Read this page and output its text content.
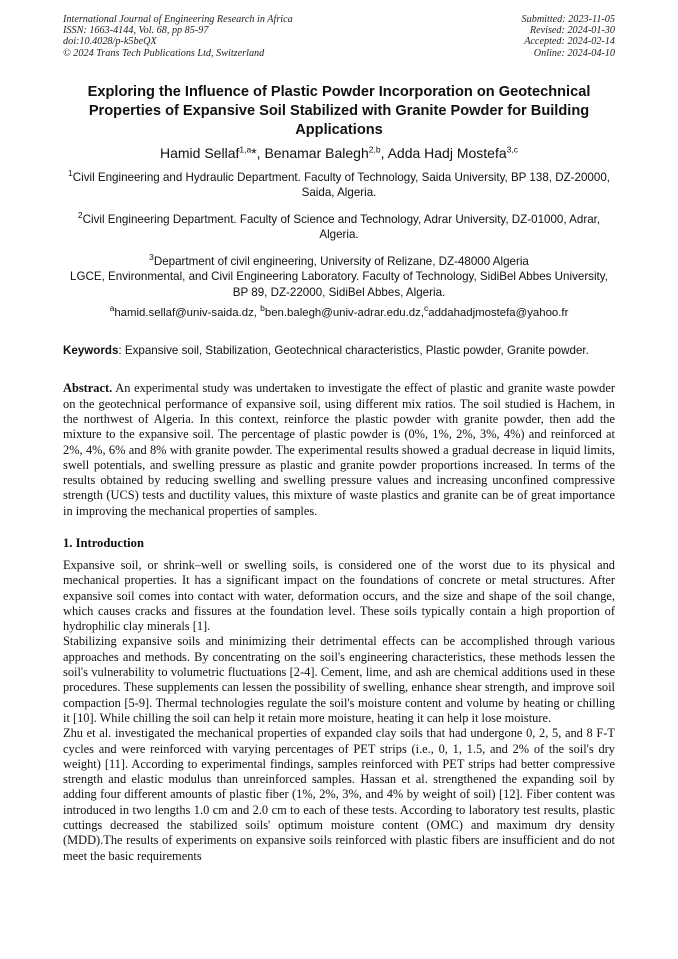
International Journal of Engineering Research in Africa
ISSN: 1663-4144, Vol. 68, pp 85-97
doi:10.4028/p-k5beQX
© 2024 Trans Tech Publications Ltd, Switzerland
Submitted: 2023-11-05
Revised: 2024-01-30
Accepted: 2024-02-14
Online: 2024-04-10
Exploring the Influence of Plastic Powder Incorporation on Geotechnical Properties of Expansive Soil Stabilized with Granite Powder for Building Applications
Hamid Sellaf$^{1,a}$*, Benamar Balegh$^{2,b}$, Adda Hadj Mostefa$^{3,c}$
$^1$Civil Engineering and Hydraulic Department. Faculty of Technology, Saida University, BP 138, DZ-20000, Saida, Algeria.
$^2$Civil Engineering Department. Faculty of Science and Technology, Adrar University, DZ-01000, Adrar, Algeria.
$^3$Department of civil engineering, University of Relizane, DZ-48000 Algeria
LGCE, Environmental, and Civil Engineering Laboratory. Faculty of Technology, SidiBel Abbes University, BP 89, DZ-22000, SidiBel Abbes, Algeria.
$^a$hamid.sellaf@univ-saida.dz, $^b$ben.balegh@univ-adrar.edu.dz,$^c$addahadjmostefa@yahoo.fr
Keywords: Expansive soil, Stabilization, Geotechnical characteristics, Plastic powder, Granite powder.
Abstract. An experimental study was undertaken to investigate the effect of plastic and granite waste powder on the geotechnical performance of expansive soil, using different mix ratios. The soil studied is Hachem, in the northwest of Algeria. In this context, reinforce the plastic powder with granite powder, then add the mixture to the expansive soil. The percentage of plastic powder is (0%, 1%, 2%, 3%, 4%) and reinforced at 2%, 4%, 6% and 8% with granite powder. The experimental results showed a gradual decrease in liquid limits, swell potentials, and swelling pressure as plastic and granite powder proportions increased. In terms of the results obtained by reducing swelling and swelling pressure values and increasing unconfined compressive strength (UCS) tests and ductility values, this mixture of waste plastics and granite can be of great importance in improving the mechanical properties of samples.
1. Introduction

Expansive soil, or shrink–well or swelling soils, is considered one of the worst due to its physical and mechanical properties. It has a significant impact on the foundations of concrete or metal structures. After expansive soil comes into contact with water, deformation occurs, and the size and shape of the soil change, which causes cracks and fissures at the foundation level. These soils typically contain a high proportion of hydrophilic clay minerals [1].

Stabilizing expansive soils and minimizing their detrimental effects can be accomplished through various approaches and methods. By concentrating on the soil's engineering characteristics, these methods lessen the soil's vulnerability to volumetric fluctuations [2-4]. Cement, lime, and ash are chemical additions used in these procedures. These supplements can lessen the possibility of swelling, enhance shear strength, and improve soil compaction [5-9]. Thermal technologies regulate the soil's moisture content and volume by heating or chilling it [10]. While chilling the soil can help it retain more moisture, heating it can help it lose moisture.

Zhu et al. investigated the mechanical properties of expanded clay soils that had undergone 0, 2, 5, and 8 F-T cycles and were reinforced with varying percentages of PET strips (i.e., 0, 1, 1.5, and 2% of the soil's dry weight) [11]. According to experimental findings, samples reinforced with PET strips had better compressive strength and elastic modulus than unreinforced samples. Hassan et al. strengthened the expanding soil by adding four different amounts of plastic fiber (1%, 2%, 3%, and 4% by weight of soil) [12]. Fiber content was introduced in two lengths 1.0 cm and 2.0 cm to each of these tests. According to laboratory test results, plastic cuttings decreased the stabilized soils' optimum moisture content (OMC) and maximum dry density (MDD).The results of experiments on expansive soils reinforced with plastic fibers are insufficient and do not meet the basic requirements
